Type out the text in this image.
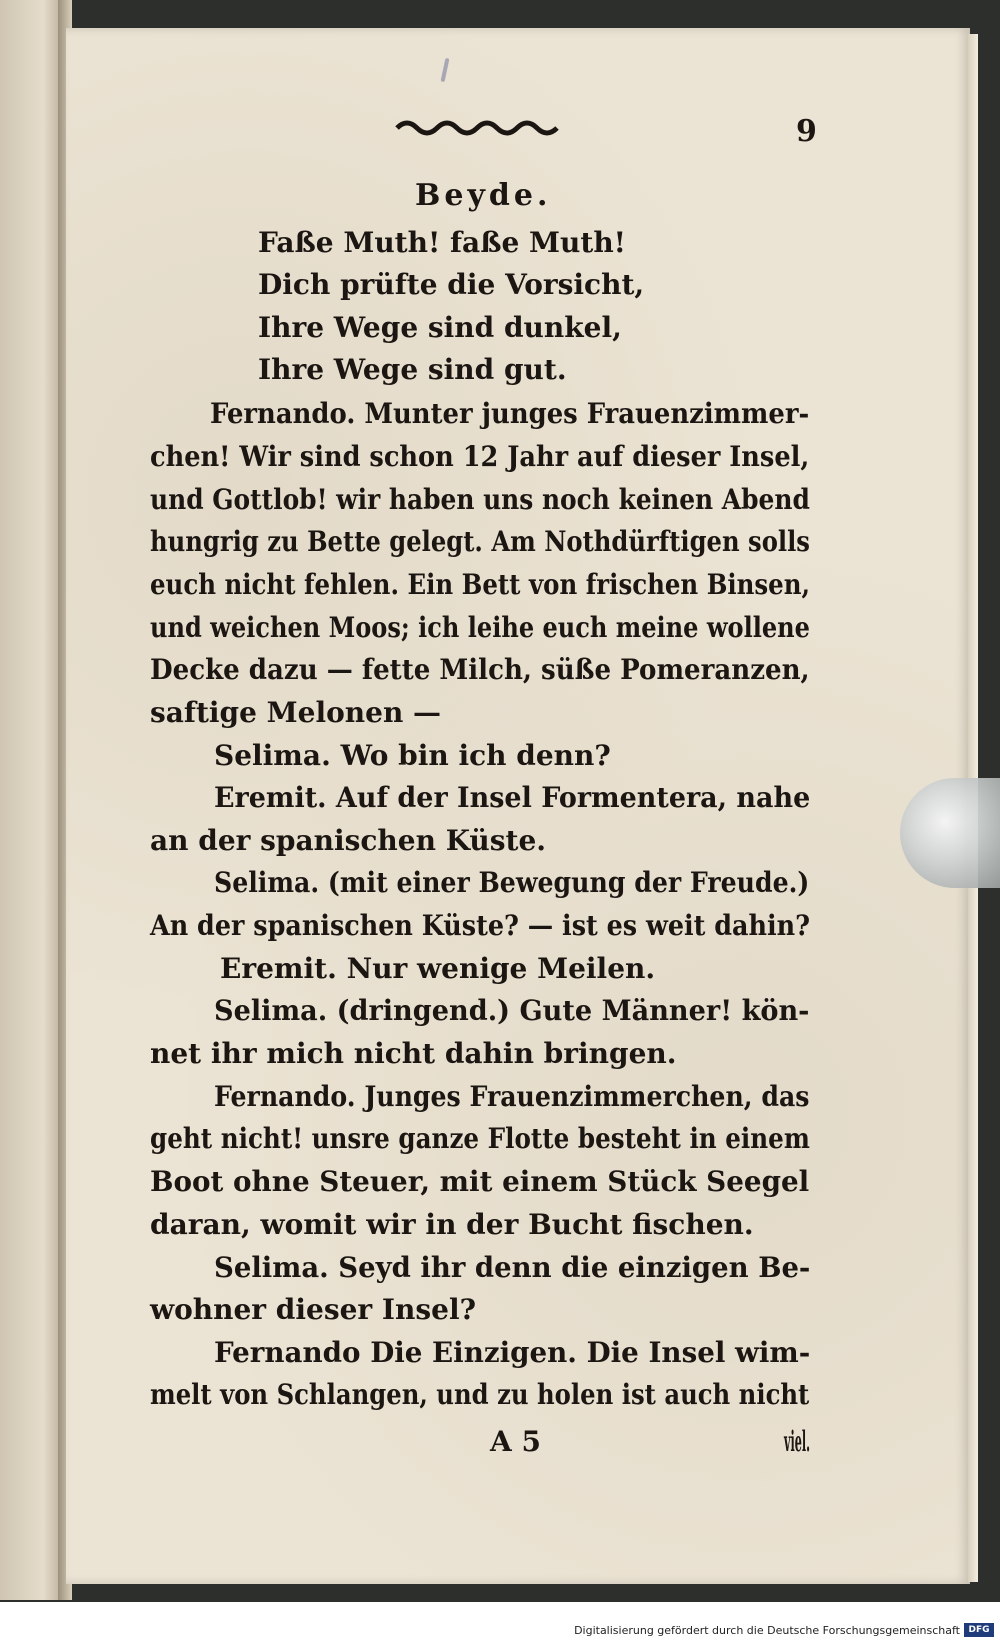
9
Beyde.
Faße Muth! faße Muth!
Dich prüfte die Vorsicht,
Ihre Wege sind dunkel,
Ihre Wege sind gut.
Fernando. Munter junges Frauenzimmer-
chen! Wir sind schon 12 Jahr auf dieser Insel,
und Gottlob! wir haben uns noch keinen Abend
hungrig zu Bette gelegt. Am Nothdürftigen solls
euch nicht fehlen. Ein Bett von frischen Binsen,
und weichen Moos; ich leihe euch meine wollene
Decke dazu — fette Milch, süße Pomeranzen,
saftige Melonen —
Selima. Wo bin ich denn?
Eremit. Auf der Insel Formentera, nahe
an der spanischen Küste.
Selima. (mit einer Bewegung der Freude.)
An der spanischen Küste? — ist es weit dahin?
Eremit. Nur wenige Meilen.
Selima. (dringend.) Gute Männer! kön-
net ihr mich nicht dahin bringen.
Fernando. Junges Frauenzimmerchen, das
geht nicht! unsre ganze Flotte besteht in einem
Boot ohne Steuer, mit einem Stück Seegel
daran, womit wir in der Bucht fischen.
Selima. Seyd ihr denn die einzigen Be-
wohner dieser Insel?
Fernando Die Einzigen. Die Insel wim-
melt von Schlangen, und zu holen ist auch nicht
A 5	viel.
Digitalisierung gefördert durch die Deutsche Forschungsgemeinschaft DFG
